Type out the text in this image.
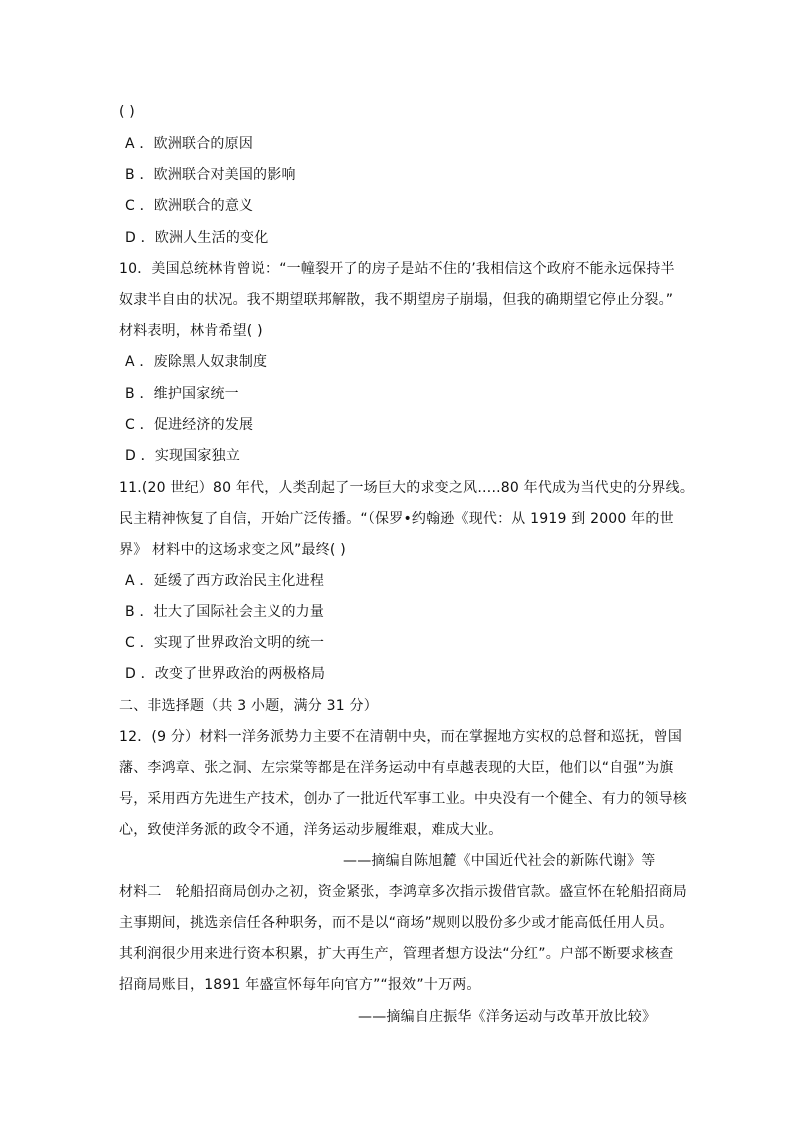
( )
A ．欧洲联合的原因
B ．欧洲联合对美国的影响
C ．欧洲联合的意义
D ．欧洲人生活的变化
10．美国总统林肯曾说：“一幢裂开了的房子是站不住的’我相信这个政府不能永远保持半
奴隶半自由的状况。我不期望联邦解散，我不期望房子崩塌，但我的确期望它停止分裂。”
材料表明，林肯希望( )
A ．废除黑人奴隶制度
B ．维护国家统一
C ．促进经济的发展
D ．实现国家独立
11.(20 世纪）80 年代，人类刮起了一场巨大的求变之风…..80 年代成为当代史的分界线。
民主精神恢复了自信，开始广泛传播。“（保罗•约翰逊《现代：从 1919 到 2000 年的世
界》 材料中的这场求变之风”最终( )
A ．延缓了西方政治民主化进程
B ．壮大了国际社会主义的力量
C ．实现了世界政治文明的统一
D ．改变了世界政治的两极格局
二、非选择题（共 3 小题，满分 31 分）
12．(9 分）材料一洋务派势力主要不在清朝中央，而在掌握地方实权的总督和巡抚，曾国
藩、李鸿章、张之洞、左宗棠等都是在洋务运动中有卓越表现的大臣，他们以“自强”为旗
号，采用西方先进生产技术，创办了一批近代军事工业。中央没有一个健全、有力的领导核
心，致使洋务派的政令不通，洋务运动步履维艰，难成大业。
——摘编自陈旭麓《中国近代社会的新陈代谢》等
材料二　轮船招商局创办之初，资金紧张，李鸿章多次指示拨借官款。盛宣怀在轮船招商局
主事期间，挑选亲信任各种职务，而不是以“商场”规则以股份多少或才能高低任用人员。
其利润很少用来进行资本积累，扩大再生产，管理者想方设法“分红”。户部不断要求核查
招商局账目，1891 年盛宣怀每年向官方”“报效”十万两。
——摘编自庄振华《洋务运动与改革开放比较》
